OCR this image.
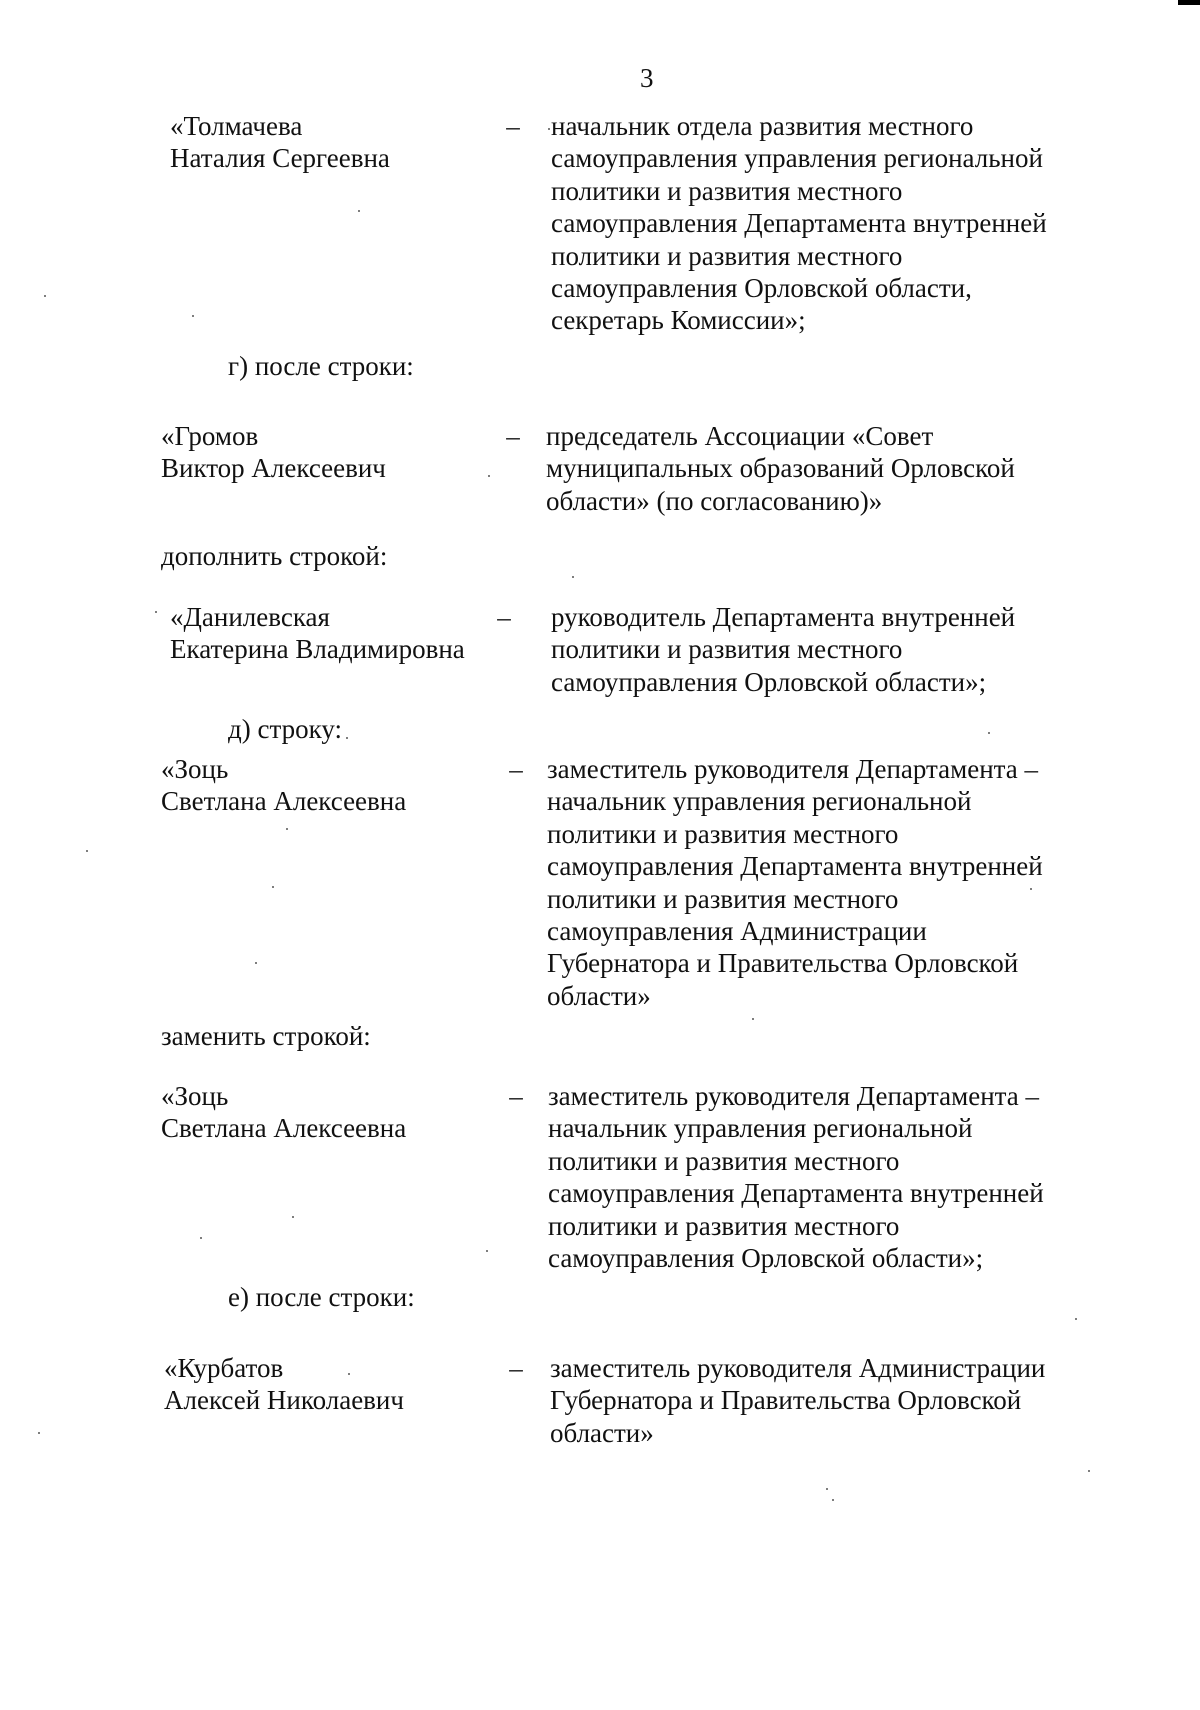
3
«Толмачева
Наталия Сергеевна
– начальник отдела развития местного
самоуправления управления региональной
политики и развития местного
самоуправления Департамента внутренней
политики и развития местного
самоуправления Орловской области,
секретарь Комиссии»;
г) после строки:
«Громов
Виктор Алексеевич
– председатель Ассоциации «Совет
муниципальных образований Орловской
области» (по согласованию)»
дополнить строкой:
«Данилевская
Екатерина Владимировна
– руководитель Департамента внутренней
политики и развития местного
самоуправления Орловской области»;
д) строку:
«Зоць
Светлана Алексеевна
– заместитель руководителя Департамента –
начальник управления региональной
политики и развития местного
самоуправления Департамента внутренней
политики и развития местного
самоуправления Администрации
Губернатора и Правительства Орловской
области»
заменить строкой:
«Зоць
Светлана Алексеевна
– заместитель руководителя Департамента –
начальник управления региональной
политики и развития местного
самоуправления Департамента внутренней
политики и развития местного
самоуправления Орловской области»;
е) после строки:
«Курбатов
Алексей Николаевич
– заместитель руководителя Администрации
Губернатора и Правительства Орловской
области»
